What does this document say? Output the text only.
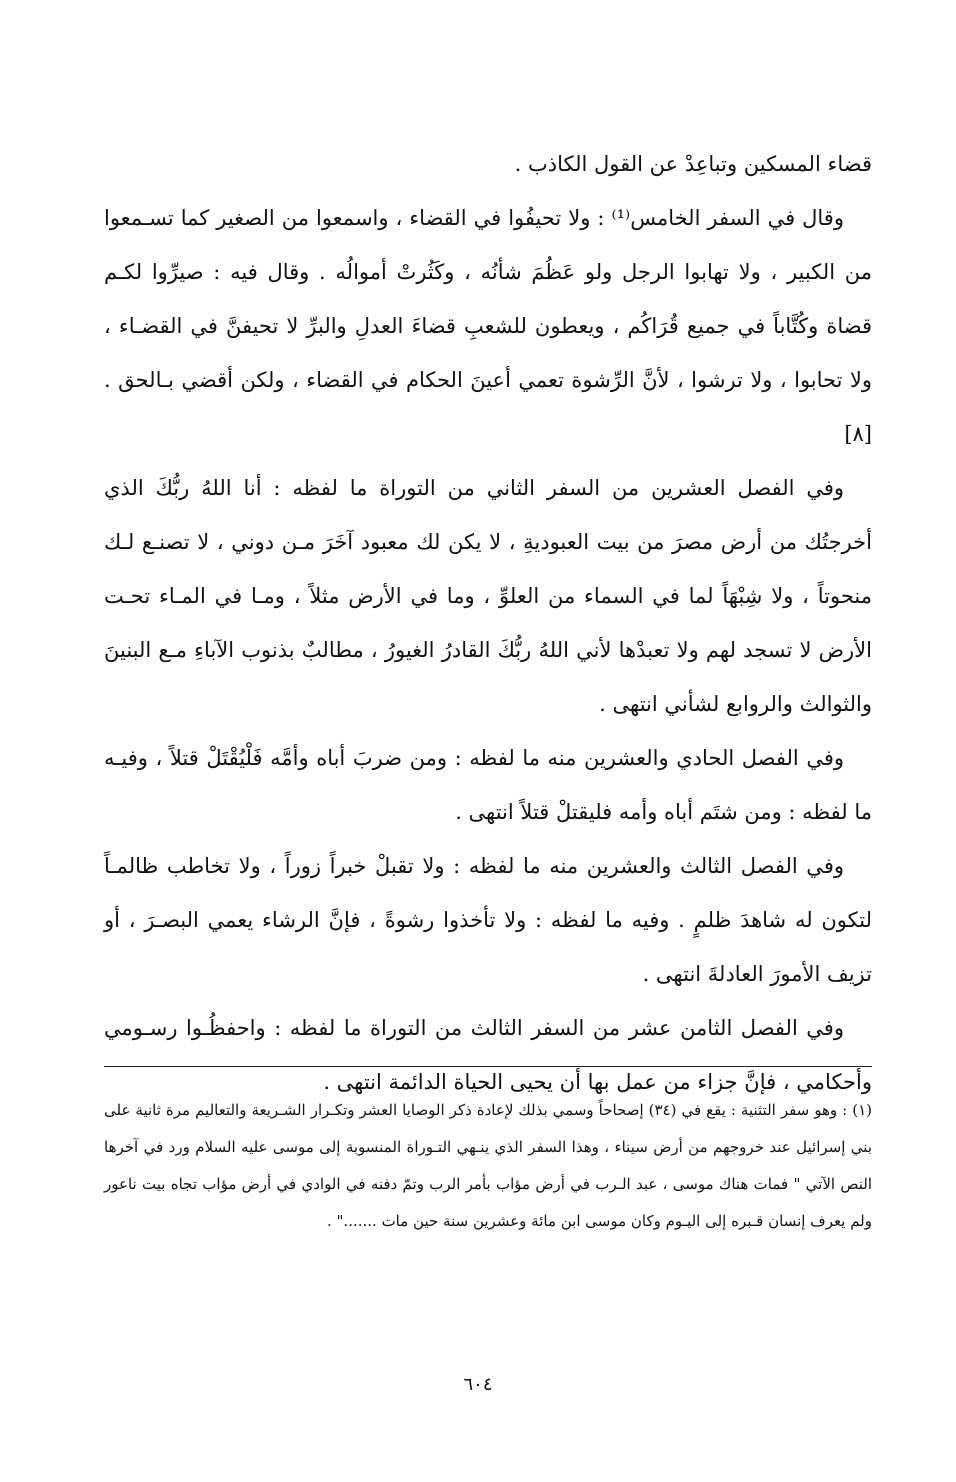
قضاء المسكين وتباعِدْ عن القول الكاذب .

وقال في السفر الخامس⁽¹⁾ : ولا تحيفُوا في القضاء ، واسمعوا من الصغير كما تسـمعوا من الكبير ، ولا تهابوا الرجل ولو عَظُمَ شأنُه ، وكَثُرتْ أموالُه . وقال فيه : صيرِّوا لكـم قضاة وكُتَّاباً في جميع قُرَاكُم ، ويعطون للشعبِ قضاءَ العدلِ والبرِّ لا تحيفنَّ في القضـاء ، ولا تحابوا ، ولا ترشوا ، لأنَّ الرِّشوة تعمي أعينَ الحكام في القضاء ، ولكن أقضي بـالحق . [٨]

وفي الفصل العشرين من السفر الثاني من التوراة ما لفظه : أنا اللهُ ربُّكَ الذي أخرجتُك من أرض مصرَ من بيت العبوديةِ ، لا يكن لك معبود آخَرَ مـن دوني ، لا تصنـع لـك منحوتاً ، ولا شِبْهَاً لما في السماء من العلوِّ ، وما في الأرض مثلاً ، ومـا في المـاء تحـت الأرض لا تسجد لهم ولا تعبدْها لأني اللهُ ربُّكَ القادرُ الغيورُ ، مطالبٌ بذنوب الآباءِ مـع البنينَ والثوالث والروابع لشأني انتهى .

وفي الفصل الحادي والعشرين منه ما لفظه : ومن ضربَ أباه وأمَّه فَلْيُقْتَلْ قتلاً ، وفيـه ما لفظه : ومن شتَم أباه وأمه فليقتلْ قتلاً انتهى .

وفي الفصل الثالث والعشرين منه ما لفظه : ولا تقبلْ خبراً زوراً ، ولا تخاطب ظالمـاً لتكون له شاهدَ ظلمٍ . وفيه ما لفظه : ولا تأخذوا رشوةً ، فإنَّ الرشاء يعمي البصـرَ ، أو تزيف الأمورَ العادلةَ انتهى .

وفي الفصل الثامن عشر من السفر الثالث من التوراة ما لفظه : واحفظُـوا رسـومي وأحكامي ، فإنَّ جزاء من عمل بها أن يحيى الحياة الدائمة انتهى .

(١) : وهو سفر التثنية : يقع في (٣٤) إصحاحاً وسمي بذلك لإعادة ذكر الوصايا العشر وتكـرار الشـريعة والتعاليم مرة ثانية على بني إسرائيل عند خروجهم من أرض سيناء ، وهذا السفر الذي ينـهي التـوراة المنسوبة إلى موسى عليه السلام ورد في آخرها النص الآتي " فمات هناك موسى ، عبد الـرب في أرض مؤاب بأمر الرب وتمّ دفنه في الوادي في أرض مؤاب تجاه بيت ناعور ولم يعرف إنسان قـبره إلى اليـوم وكان موسى ابن مائة وعشرين سنة حين مات ......." .

٦٠٤
